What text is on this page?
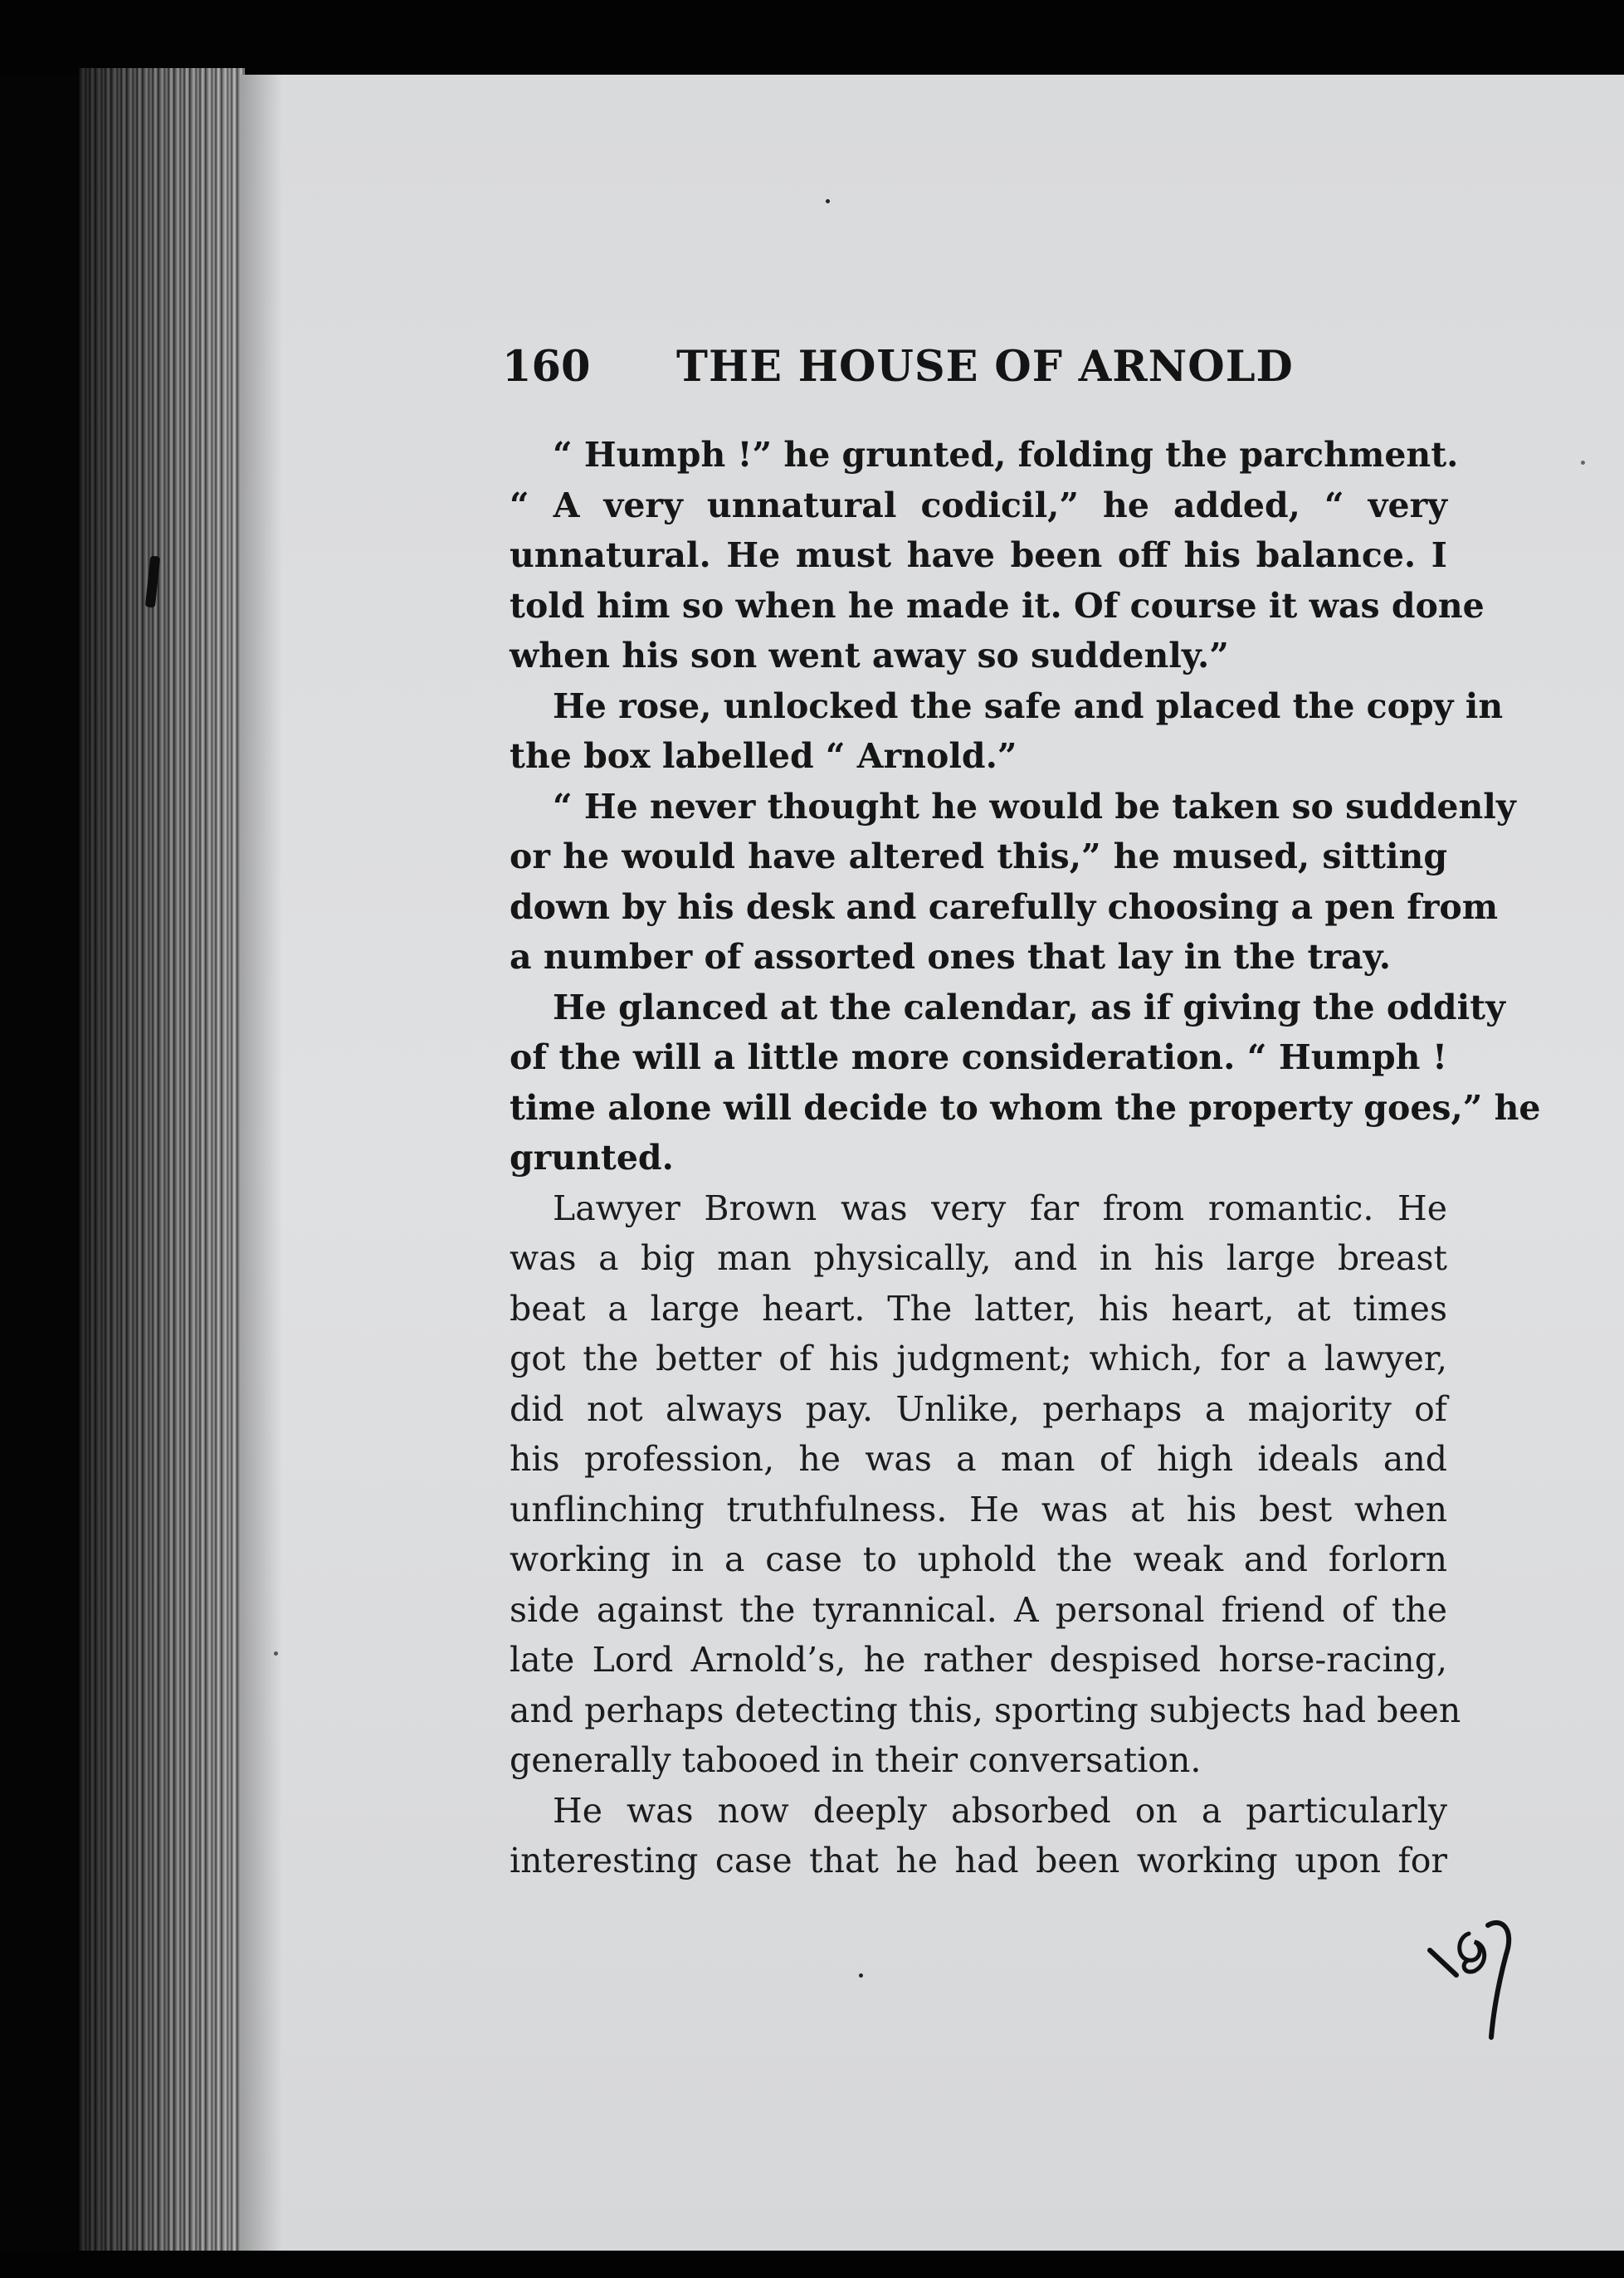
160 THE HOUSE OF ARNOLD
“ Humph !” he grunted, folding the parchment.
“ A very unnatural codicil,” he added, “ very
unnatural. He must have been off his balance. I
told him so when he made it. Of course it was done
when his son went away so suddenly.”
He rose, unlocked the safe and placed the copy in
the box labelled “ Arnold.”
“ He never thought he would be taken so suddenly
or he would have altered this,” he mused, sitting
down by his desk and carefully choosing a pen from
a number of assorted ones that lay in the tray.
He glanced at the calendar, as if giving the oddity
of the will a little more consideration. “ Humph !
time alone will decide to whom the property goes,” he
grunted.
Lawyer Brown was very far from romantic. He
was a big man physically, and in his large breast
beat a large heart. The latter, his heart, at times
got the better of his judgment; which, for a lawyer,
did not always pay. Unlike, perhaps a majority of
his profession, he was a man of high ideals and
unflinching truthfulness. He was at his best when
working in a case to uphold the weak and forlorn
side against the tyrannical. A personal friend of the
late Lord Arnold’s, he rather despised horse-racing,
and perhaps detecting this, sporting subjects had been
generally tabooed in their conversation.
He was now deeply absorbed on a particularly
interesting case that he had been working upon for
